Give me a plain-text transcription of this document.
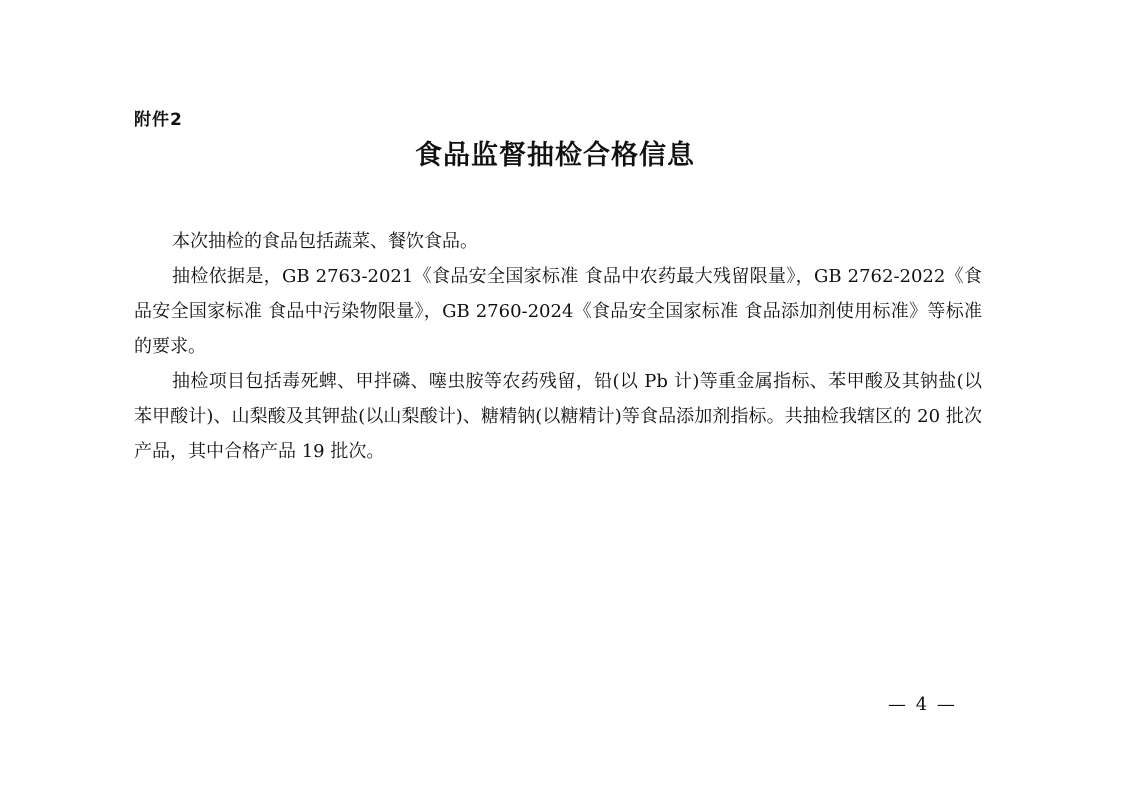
附件2
食品监督抽检合格信息

本次抽检的食品包括蔬菜、餐饮食品。

抽检依据是，GB 2763-2021《食品安全国家标准 食品中农药最大残留限量》，GB 2762-2022《食品安全国家标准 食品中污染物限量》，GB 2760-2024《食品安全国家标准 食品添加剂使用标准》等标准的要求。

抽检项目包括毒死蜱、甲拌磷、噻虫胺等农药残留，铅(以 Pb 计)等重金属指标、苯甲酸及其钠盐(以苯甲酸计)、山梨酸及其钾盐(以山梨酸计)、糖精钠(以糖精计)等食品添加剂指标。共抽检我辖区的 20 批次产品，其中合格产品 19 批次。

— 4 —
